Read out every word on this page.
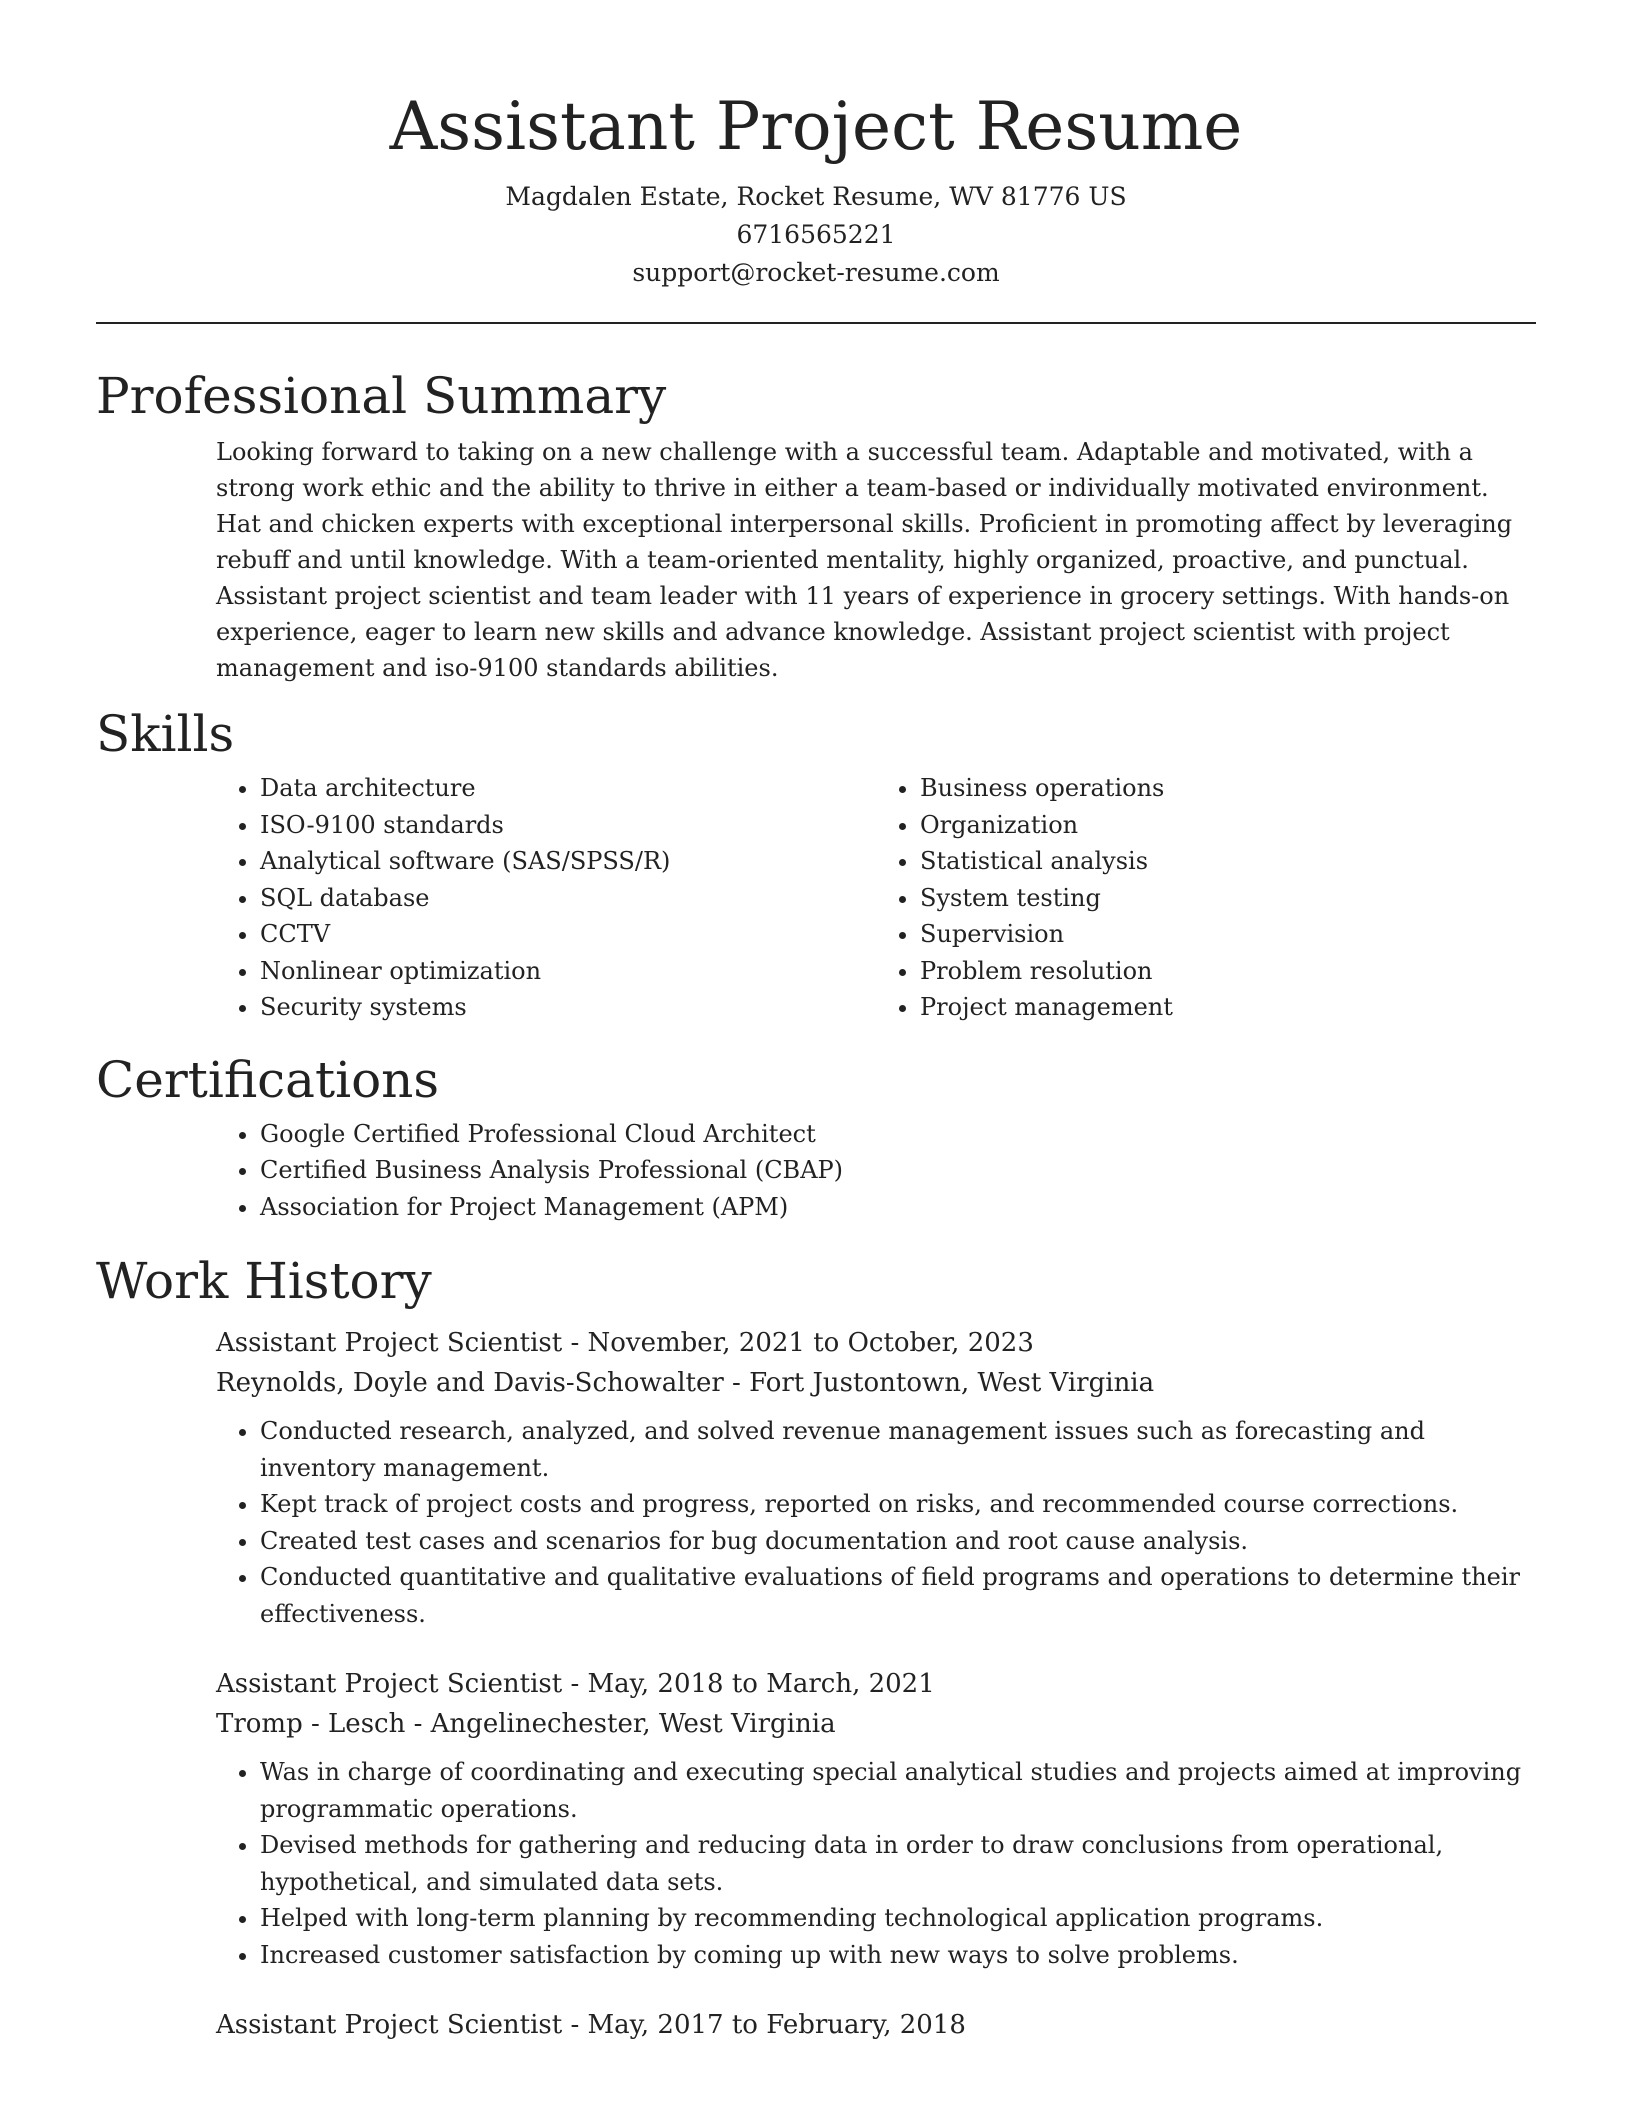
Assistant Project Resume
Magdalen Estate, Rocket Resume, WV 81776 US
6716565221
support@rocket-resume.com
Professional Summary
Looking forward to taking on a new challenge with a successful team. Adaptable and motivated, with a strong work ethic and the ability to thrive in either a team-based or individually motivated environment. Hat and chicken experts with exceptional interpersonal skills. Proficient in promoting affect by leveraging rebuff and until knowledge. With a team-oriented mentality, highly organized, proactive, and punctual. Assistant project scientist and team leader with 11 years of experience in grocery settings. With hands-on experience, eager to learn new skills and advance knowledge. Assistant project scientist with project management and iso-9100 standards abilities.
Skills
• Data architecture
• ISO-9100 standards
• Analytical software (SAS/SPSS/R)
• SQL database
• CCTV
• Nonlinear optimization
• Security systems
• Business operations
• Organization
• Statistical analysis
• System testing
• Supervision
• Problem resolution
• Project management
Certifications
• Google Certified Professional Cloud Architect
• Certified Business Analysis Professional (CBAP)
• Association for Project Management (APM)
Work History
Assistant Project Scientist - November, 2021 to October, 2023
Reynolds, Doyle and Davis-Schowalter - Fort Justontown, West Virginia
• Conducted research, analyzed, and solved revenue management issues such as forecasting and inventory management.
• Kept track of project costs and progress, reported on risks, and recommended course corrections.
• Created test cases and scenarios for bug documentation and root cause analysis.
• Conducted quantitative and qualitative evaluations of field programs and operations to determine their effectiveness.
Assistant Project Scientist - May, 2018 to March, 2021
Tromp - Lesch - Angelinechester, West Virginia
• Was in charge of coordinating and executing special analytical studies and projects aimed at improving programmatic operations.
• Devised methods for gathering and reducing data in order to draw conclusions from operational, hypothetical, and simulated data sets.
• Helped with long-term planning by recommending technological application programs.
• Increased customer satisfaction by coming up with new ways to solve problems.
Assistant Project Scientist - May, 2017 to February, 2018
